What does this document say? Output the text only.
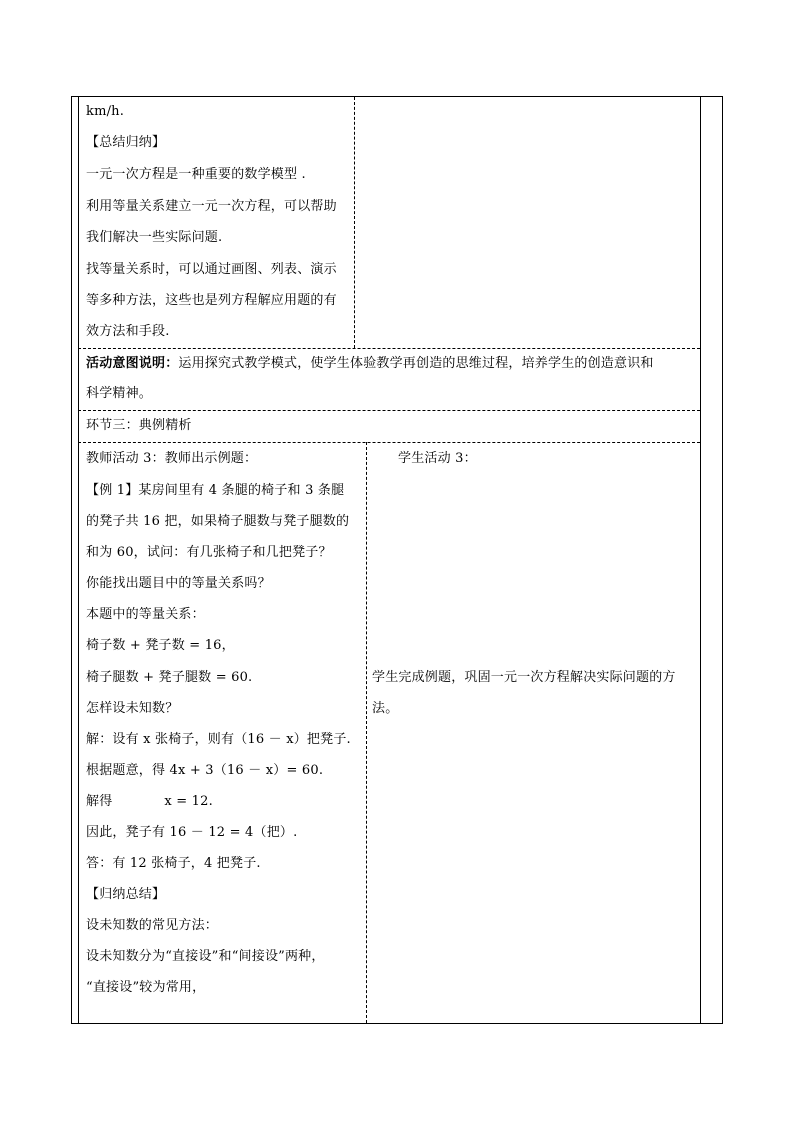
km/h.
【总结归纳】
一元一次方程是一种重要的数学模型 .
利用等量关系建立一元一次方程，可以帮助
我们解决一些实际问题.
找等量关系时，可以通过画图、列表、演示
等多种方法，这些也是列方程解应用题的有
效方法和手段.
活动意图说明：运用探究式教学模式，使学生体验教学再创造的思维过程，培养学生的创造意识和
科学精神。
环节三：典例精析
教师活动 3：教师出示例题：
【例 1】某房间里有 4 条腿的椅子和 3 条腿
的凳子共 16 把，如果椅子腿数与凳子腿数的
和为 60，试问：有几张椅子和几把凳子？
你能找出题目中的等量关系吗？
本题中的等量关系：
椅子数 + 凳子数 = 16，
椅子腿数 + 凳子腿数 = 60.
怎样设未知数？
解：设有 x 张椅子，则有（16 － x）把凳子.
根据题意，得 4x + 3（16 － x）= 60.
解得            x = 12.
因此，凳子有 16 － 12 = 4（把）.
答：有 12 张椅子，4 把凳子.
【归纳总结】
设未知数的常见方法：
设未知数分为“直接设”和“间接设”两种，
“直接设”较为常用，
学生活动 3：
学生完成例题，巩固一元一次方程解决实际问题的方
法。
